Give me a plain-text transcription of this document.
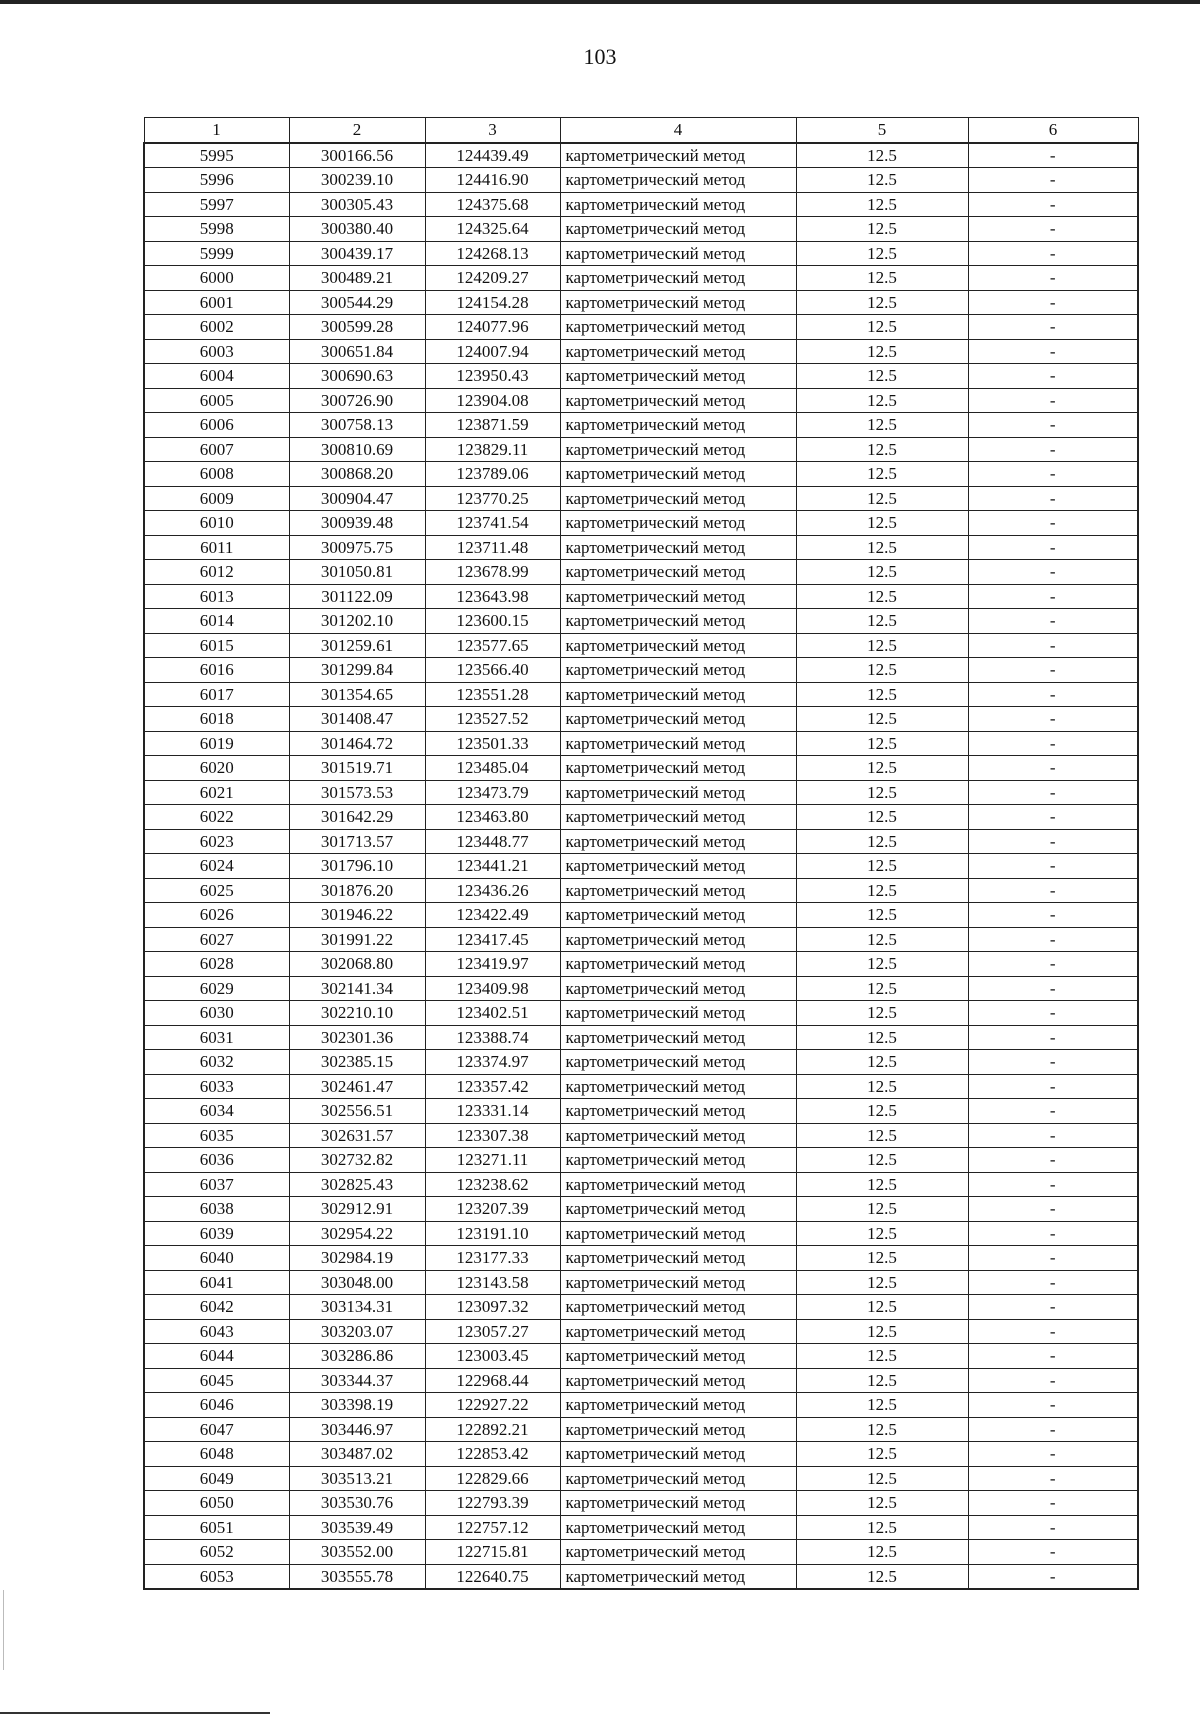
103
1	2	3	4	5	6
5995	300166.56	124439.49	картометрический метод	12.5	-
5996	300239.10	124416.90	картометрический метод	12.5	-
5997	300305.43	124375.68	картометрический метод	12.5	-
5998	300380.40	124325.64	картометрический метод	12.5	-
5999	300439.17	124268.13	картометрический метод	12.5	-
6000	300489.21	124209.27	картометрический метод	12.5	-
6001	300544.29	124154.28	картометрический метод	12.5	-
6002	300599.28	124077.96	картометрический метод	12.5	-
6003	300651.84	124007.94	картометрический метод	12.5	-
6004	300690.63	123950.43	картометрический метод	12.5	-
6005	300726.90	123904.08	картометрический метод	12.5	-
6006	300758.13	123871.59	картометрический метод	12.5	-
6007	300810.69	123829.11	картометрический метод	12.5	-
6008	300868.20	123789.06	картометрический метод	12.5	-
6009	300904.47	123770.25	картометрический метод	12.5	-
6010	300939.48	123741.54	картометрический метод	12.5	-
6011	300975.75	123711.48	картометрический метод	12.5	-
6012	301050.81	123678.99	картометрический метод	12.5	-
6013	301122.09	123643.98	картометрический метод	12.5	-
6014	301202.10	123600.15	картометрический метод	12.5	-
6015	301259.61	123577.65	картометрический метод	12.5	-
6016	301299.84	123566.40	картометрический метод	12.5	-
6017	301354.65	123551.28	картометрический метод	12.5	-
6018	301408.47	123527.52	картометрический метод	12.5	-
6019	301464.72	123501.33	картометрический метод	12.5	-
6020	301519.71	123485.04	картометрический метод	12.5	-
6021	301573.53	123473.79	картометрический метод	12.5	-
6022	301642.29	123463.80	картометрический метод	12.5	-
6023	301713.57	123448.77	картометрический метод	12.5	-
6024	301796.10	123441.21	картометрический метод	12.5	-
6025	301876.20	123436.26	картометрический метод	12.5	-
6026	301946.22	123422.49	картометрический метод	12.5	-
6027	301991.22	123417.45	картометрический метод	12.5	-
6028	302068.80	123419.97	картометрический метод	12.5	-
6029	302141.34	123409.98	картометрический метод	12.5	-
6030	302210.10	123402.51	картометрический метод	12.5	-
6031	302301.36	123388.74	картометрический метод	12.5	-
6032	302385.15	123374.97	картометрический метод	12.5	-
6033	302461.47	123357.42	картометрический метод	12.5	-
6034	302556.51	123331.14	картометрический метод	12.5	-
6035	302631.57	123307.38	картометрический метод	12.5	-
6036	302732.82	123271.11	картометрический метод	12.5	-
6037	302825.43	123238.62	картометрический метод	12.5	-
6038	302912.91	123207.39	картометрический метод	12.5	-
6039	302954.22	123191.10	картометрический метод	12.5	-
6040	302984.19	123177.33	картометрический метод	12.5	-
6041	303048.00	123143.58	картометрический метод	12.5	-
6042	303134.31	123097.32	картометрический метод	12.5	-
6043	303203.07	123057.27	картометрический метод	12.5	-
6044	303286.86	123003.45	картометрический метод	12.5	-
6045	303344.37	122968.44	картометрический метод	12.5	-
6046	303398.19	122927.22	картометрический метод	12.5	-
6047	303446.97	122892.21	картометрический метод	12.5	-
6048	303487.02	122853.42	картометрический метод	12.5	-
6049	303513.21	122829.66	картометрический метод	12.5	-
6050	303530.76	122793.39	картометрический метод	12.5	-
6051	303539.49	122757.12	картометрический метод	12.5	-
6052	303552.00	122715.81	картометрический метод	12.5	-
6053	303555.78	122640.75	картометрический метод	12.5	-
